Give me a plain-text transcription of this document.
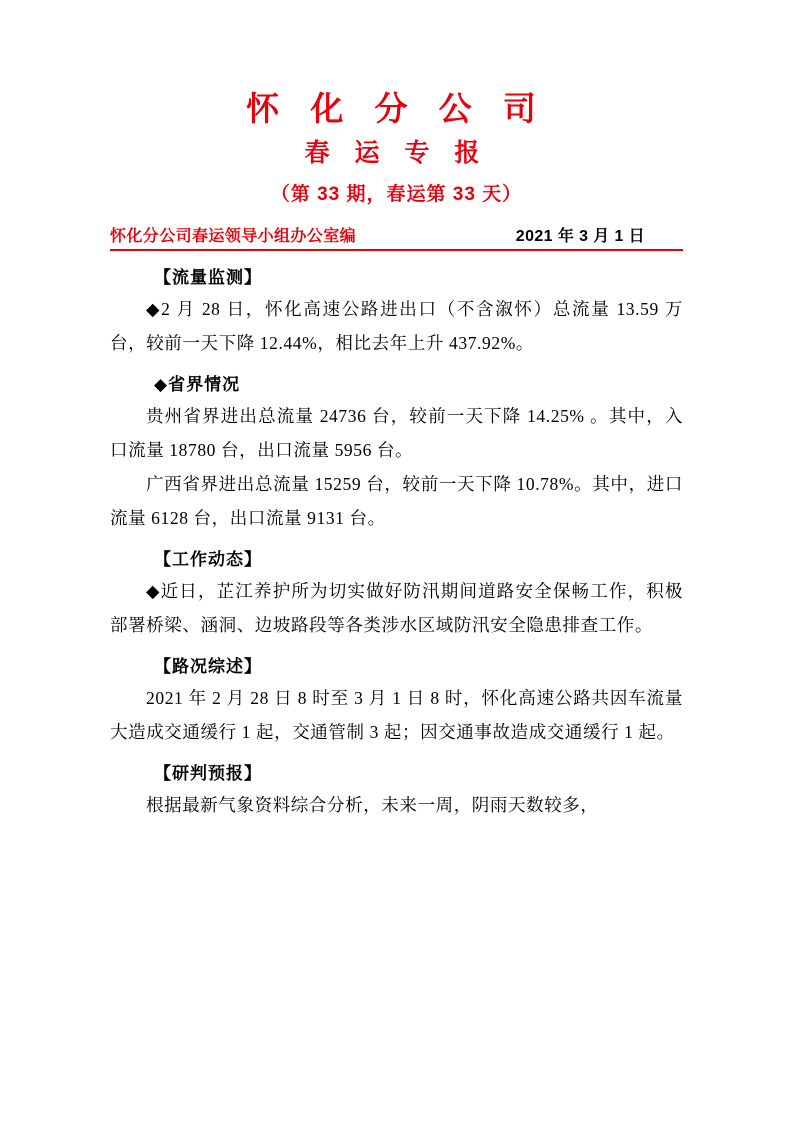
怀 化 分 公 司
春 运 专 报
（第 33 期，春运第 33 天）
怀化分公司春运领导小组办公室编	2021 年 3 月 1 日
【流量监测】

◆2 月 28 日，怀化高速公路进出口（不含溆怀）总流量 13.59 万台，较前一天下降 12.44%，相比去年上升 437.92%。

◆省界情况

贵州省界进出总流量 24736 台，较前一天下降 14.25% 。其中，入口流量 18780 台，出口流量 5956 台。

广西省界进出总流量 15259 台，较前一天下降 10.78%。其中，进口流量 6128 台，出口流量 9131 台。

【工作动态】

◆近日，芷江养护所为切实做好防汛期间道路安全保畅工作，积极部署桥梁、涵洞、边坡路段等各类涉水区域防汛安全隐患排查工作。

【路况综述】

2021 年 2 月 28 日 8 时至 3 月 1 日 8 时，怀化高速公路共因车流量大造成交通缓行 1 起，交通管制 3 起；因交通事故造成交通缓行 1 起。

【研判预报】

根据最新气象资料综合分析，未来一周，阴雨天数较多，
